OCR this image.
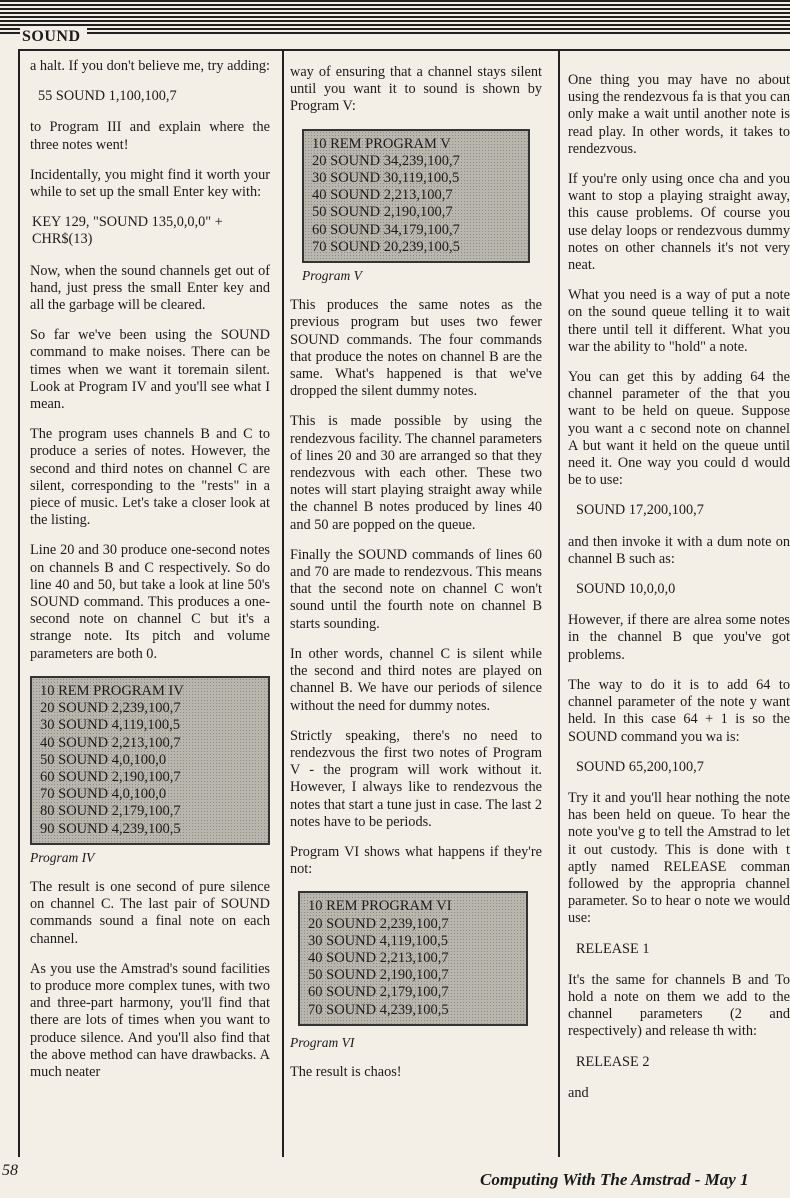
SOUND

a halt. If you don't believe me, try adding:

55 SOUND 1,100,100,7

to Program III and explain where the three notes went!

Incidentally, you might find it worth your while to set up the small Enter key with:

KEY 129, "SOUND 135,0,0,0" +
CHR$(13)

Now, when the sound channels get out of hand, just press the small Enter key and all the garbage will be cleared.

So far we've been using the SOUND command to make noises. There can be times when we want it toremain silent. Look at Program IV and you'll see what I mean.

The program uses channels B and C to produce a series of notes. However, the second and third notes on channel C are silent, corresponding to the "rests" in a piece of music. Let's take a closer look at the listing.

Line 20 and 30 produce one-second notes on channels B and C respectively. So do line 40 and 50, but take a look at line 50's SOUND command. This produces a one-second note on channel C but it's a strange note. Its pitch and volume parameters are both 0.

10 REM PROGRAM IV
20 SOUND 2,239,100,7
30 SOUND 4,119,100,5
40 SOUND 2,213,100,7
50 SOUND 4,0,100,0
60 SOUND 2,190,100,7
70 SOUND 4,0,100,0
80 SOUND 2,179,100,7
90 SOUND 4,239,100,5

Program IV

The result is one second of pure silence on channel C. The last pair of SOUND commands sound a final note on each channel.

As you use the Amstrad's sound facilities to produce more complex tunes, with two and three-part harmony, you'll find that there are lots of times when you want to produce silence. And you'll also find that the above method can have drawbacks. A much neater

way of ensuring that a channel stays silent until you want it to sound is shown by Program V:

10 REM PROGRAM V
20 SOUND 34,239,100,7
30 SOUND 30,119,100,5
40 SOUND 2,213,100,7
50 SOUND 2,190,100,7
60 SOUND 34,179,100,7
70 SOUND 20,239,100,5

Program V

This produces the same notes as the previous program but uses two fewer SOUND commands. The four commands that produce the notes on channel B are the same. What's happened is that we've dropped the silent dummy notes.

This is made possible by using the rendezvous facility. The channel parameters of lines 20 and 30 are arranged so that they rendezvous with each other. These two notes will start playing straight away while the channel B notes produced by lines 40 and 50 are popped on the queue.

Finally the SOUND commands of lines 60 and 70 are made to rendezvous. This means that the second note on channel C won't sound until the fourth note on channel B starts sounding.

In other words, channel C is silent while the second and third notes are played on channel B. We have our periods of silence without the need for dummy notes.

Strictly speaking, there's no need to rendezvous the first two notes of Program V - the program will work without it. However, I always like to rendezvous the notes that start a tune just in case. The last 2 notes have to be periods.

Program VI shows what happens if they're not:

10 REM PROGRAM VI
20 SOUND 2,239,100,7
30 SOUND 4,119,100,5
40 SOUND 2,213,100,7
50 SOUND 2,190,100,7
60 SOUND 2,179,100,7
70 SOUND 4,239,100,5

Program VI

The result is chaos!

One thing you may have no about using the rendezvous fa is that you can only make a wait until another note is read play. In other words, it takes to rendezvous.

If you're only using once cha and you want to stop a playing straight away, this cause problems. Of course you use delay loops or rendezvous dummy notes on other channels it's not very neat.

What you need is a way of put a note on the sound queue telling it to wait there until tell it different. What you war the ability to "hold" a note.

You can get this by adding 64 the channel parameter of the that you want to be held on queue. Suppose you want a c second note on channel A but want it held on the queue until need it. One way you could d would be to use:

SOUND 17,200,100,7

and then invoke it with a dum note on channel B such as:

SOUND 10,0,0,0

However, if there are alrea some notes in the channel B que you've got problems.

The way to do it is to add 64 to channel parameter of the note y want held. In this case 64 + 1 is so the SOUND command you wa is:

SOUND 65,200,100,7

Try it and you'll hear nothing the note has been held on queue. To hear the note you've g to tell the Amstrad to let it out custody. This is done with t aptly named RELEASE comman followed by the appropria channel parameter. So to hear o note we would use:

RELEASE 1

It's the same for channels B and To hold a note on them we add to the channel parameters (2 and respectively) and release th with:

RELEASE 2

and

58	Computing With The Amstrad - May 1
